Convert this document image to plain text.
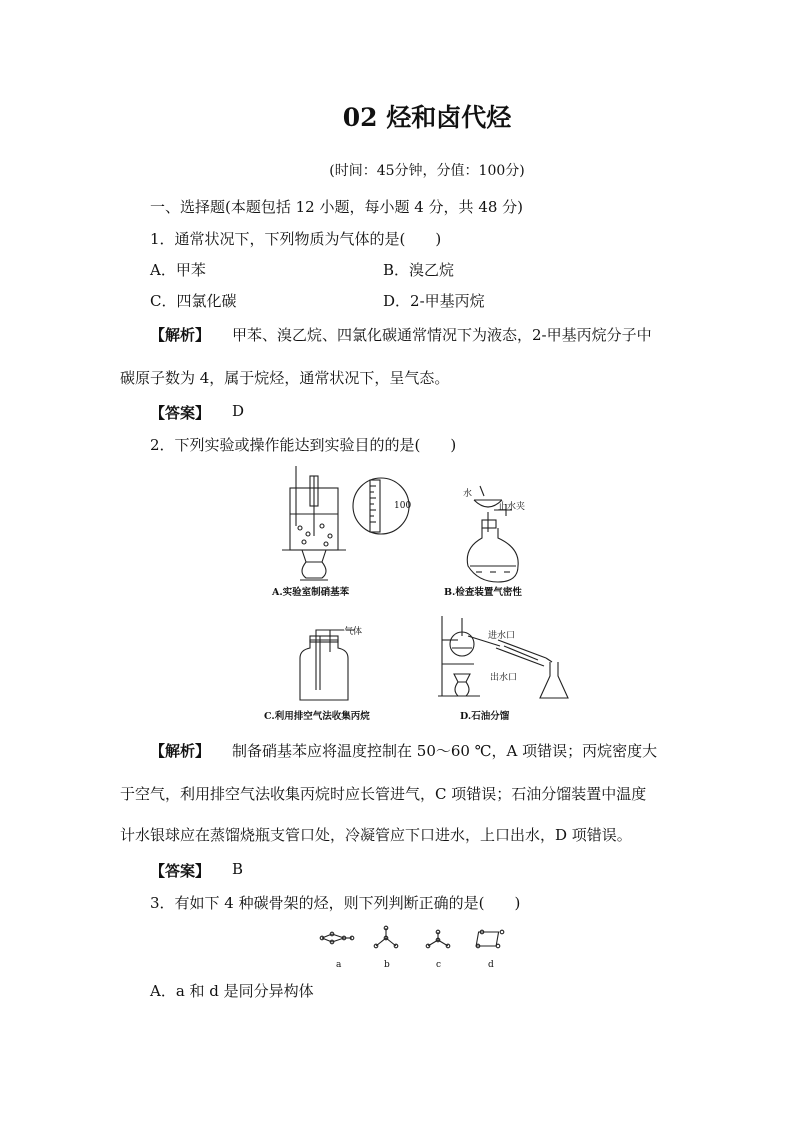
02 烃和卤代烃
(时间：45分钟，分值：100分)
一、选择题(本题包括 12 小题，每小题 4 分，共 48 分)
1．通常状况下，下列物质为气体的是(　　)
A．甲苯	B．溴乙烷
C．四氯化碳	D．2-甲基丙烷
【解析】 甲苯、溴乙烷、四氯化碳通常情况下为液态，2-甲基丙烷分子中
碳原子数为 4，属于烷烃，通常状况下，呈气态。
【答案】 D
2．下列实验或操作能达到实验目的的是(　　)
100
A.实验室制硝基苯
水
止水夹
B.检查装置气密性
气体
C.利用排空气法收集丙烷
进水口
出水口
D.石油分馏
【解析】 制备硝基苯应将温度控制在 50～60 ℃，A 项错误；丙烷密度大
于空气，利用排空气法收集丙烷时应长管进气，C 项错误；石油分馏装置中温度
计水银球应在蒸馏烧瓶支管口处，冷凝管应下口进水，上口出水，D 项错误。
【答案】 B
3．有如下 4 种碳骨架的烃，则下列判断正确的是(　　)
a	b	c	d
A．a 和 d 是同分异构体
